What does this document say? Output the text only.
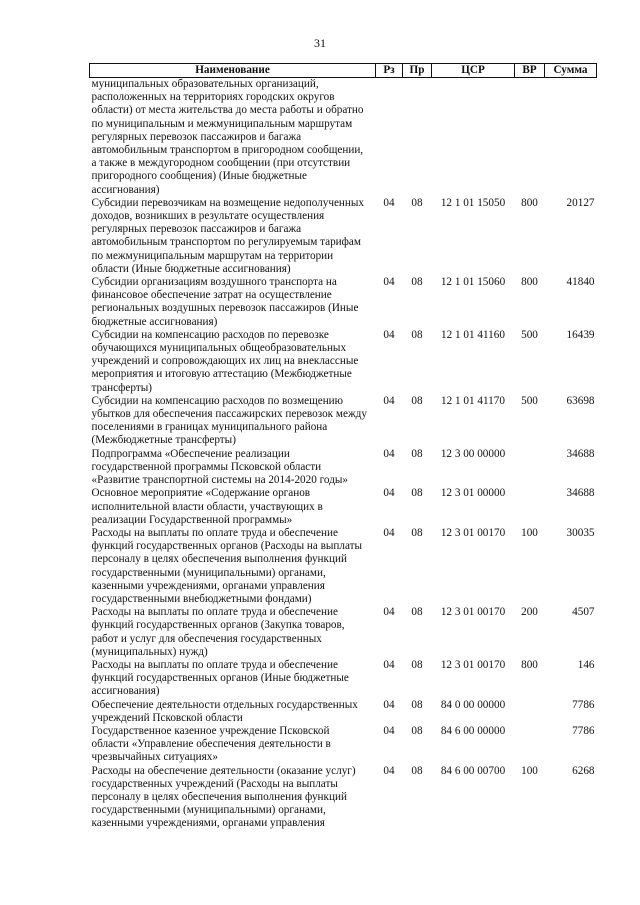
31
Наименование	Рз	Пр	ЦСР	ВР	Сумма
муниципальных образовательных организаций, расположенных на территориях городских округов области) от места жительства до места работы и обратно по муниципальным и межмуниципальным маршрутам регулярных перевозок пассажиров и багажа автомобильным транспортом в пригородном сообщении, а также в междугородном сообщении (при отсутствии пригородного сообщения) (Иные бюджетные ассигнования)					
Субсидии перевозчикам на возмещение недополученных доходов, возникших в результате осуществления регулярных перевозок пассажиров и багажа автомобильным транспортом по регулируемым тарифам по межмуниципальным маршрутам на территории области (Иные бюджетные ассигнования)	04	08	12 1 01 15050	800	20127
Субсидии организациям воздушного транспорта на финансовое обеспечение затрат на осуществление региональных воздушных перевозок пассажиров (Иные бюджетные ассигнования)	04	08	12 1 01 15060	800	41840
Субсидии на компенсацию расходов по перевозке обучающихся муниципальных общеобразовательных учреждений и сопровождающих их лиц на внеклассные мероприятия и итоговую аттестацию (Межбюджетные трансферты)	04	08	12 1 01 41160	500	16439
Субсидии на компенсацию расходов по возмещению убытков для обеспечения пассажирских перевозок между поселениями в границах муниципального района (Межбюджетные трансферты)	04	08	12 1 01 41170	500	63698
Подпрограмма «Обеспечение реализации государственной программы Псковской области «Развитие транспортной системы на 2014-2020 годы»	04	08	12 3 00 00000		34688
Основное мероприятие «Содержание органов исполнительной власти области, участвующих в реализации Государственной программы»	04	08	12 3 01 00000		34688
Расходы на выплаты по оплате труда и обеспечение функций государственных органов (Расходы на выплаты персоналу в целях обеспечения выполнения функций государственными (муниципальными) органами, казенными учреждениями, органами управления государственными внебюджетными фондами)	04	08	12 3 01 00170	100	30035
Расходы на выплаты по оплате труда и обеспечение функций государственных органов (Закупка товаров, работ и услуг для обеспечения государственных (муниципальных) нужд)	04	08	12 3 01 00170	200	4507
Расходы на выплаты по оплате труда и обеспечение функций государственных органов (Иные бюджетные ассигнования)	04	08	12 3 01 00170	800	146
Обеспечение деятельности отдельных государственных учреждений Псковской области	04	08	84 0 00 00000		7786
Государственное казенное учреждение Псковской области «Управление обеспечения деятельности в чрезвычайных ситуациях»	04	08	84 6 00 00000		7786
Расходы на обеспечение деятельности (оказание услуг) государственных учреждений (Расходы на выплаты персоналу в целях обеспечения выполнения функций государственными (муниципальными) органами, казенными учреждениями, органами управления	04	08	84 6 00 00700	100	6268
